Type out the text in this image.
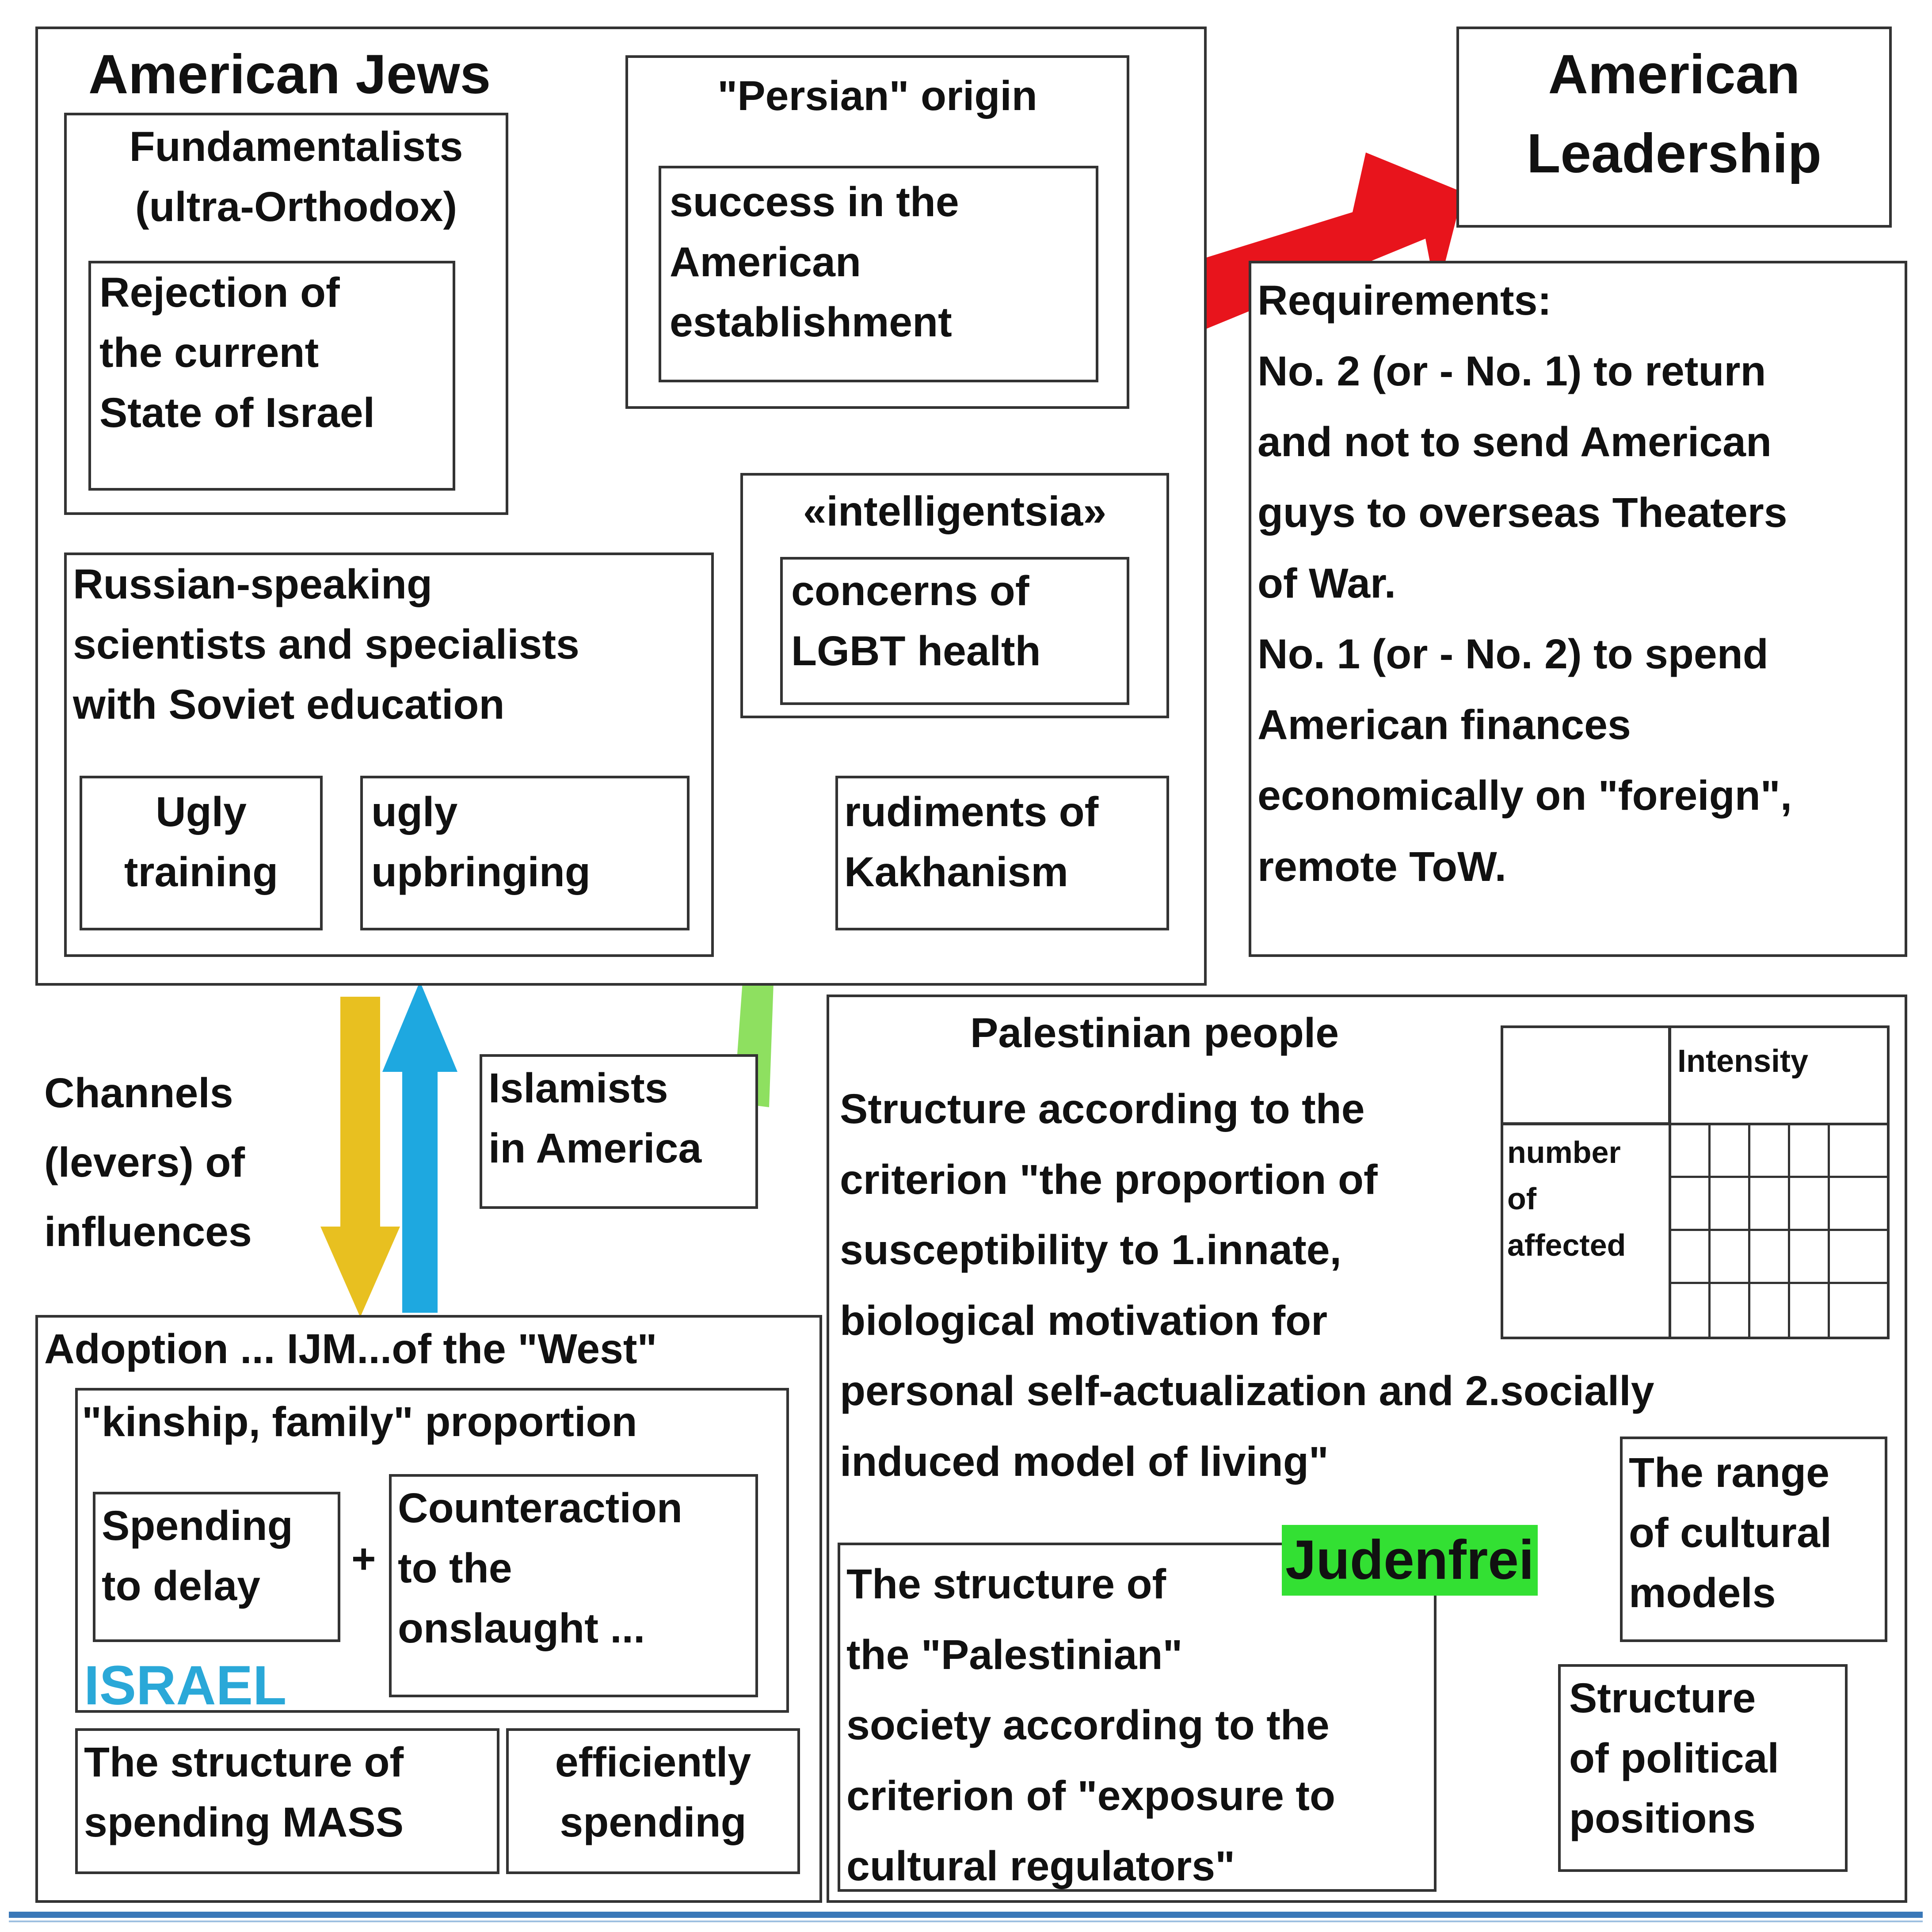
American Jews
Fundamentalists
(ultra-Orthodox)
Rejection of
the current
State of Israel
"Persian" origin
success in the
American
establishment
«intelligentsia»
concerns of
LGBT health
Russian-speaking
scientists and specialists
with Soviet education
Ugly
training
ugly
upbringing
rudiments of
Kakhanism
American
Leadership
Requirements:
No. 2 (or - No. 1) to return
and not to send American
guys to overseas Theaters
of War.
No. 1 (or - No. 2) to spend
American finances
economically on "foreign",
remote ToW.
Channels
(levers) of
influences
Islamists
in America
Adoption ... IJM...of the "West"
"kinship, family" proportion
Spending
to delay
+
Counteraction
to the
onslaught ...
ISRAEL
The structure of
spending MASS
efficiently
spending
Palestinian people
Structure according to the
criterion "the proportion of
susceptibility to 1.innate,
biological motivation for
personal self-actualization and 2.socially
induced model of living"
Intensity
number
of
affected
The structure of
the "Palestinian"
society according to the
criterion of "exposure to
cultural regulators"
Judenfrei
The range
of cultural
models
Structure
of political
positions
